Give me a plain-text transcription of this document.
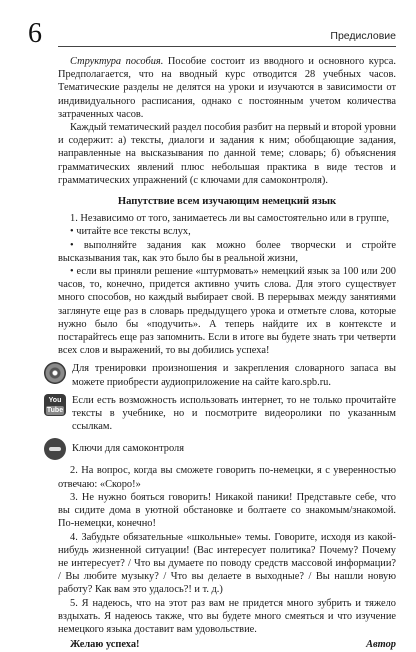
6	Предисловие

Структура пособия. Пособие состоит из вводного и основного курса. Предполагается, что на вводный курс отводится 28 учебных часов. Тематические разделы не делятся на уроки и изучаются в зависимости от индивидуального расписания, однако с постоянным учетом количества затраченных часов.

Каждый тематический раздел пособия разбит на первый и второй уровни и содержит: а) тексты, диалоги и задания к ним; обобщающие задания, направленные на высказывания по данной теме; словарь; б) объяснения грамматических явлений плюс небольшая практика в виде тестов и грамматических упражнений (с ключами для самоконтроля).

Напутствие всем изучающим немецкий язык

1. Независимо от того, занимаетесь ли вы самостоятельно или в группе,

• читайте все тексты вслух,

• выполняйте задания как можно более творчески и стройте высказывания так, как это было бы в реальной жизни,

• если вы приняли решение «штурмовать» немецкий язык за 100 или 200 часов, то, конечно, придется активно учить слова. Для этого существует много способов, но каждый выбирает свой. В перерывах между занятиями заглянуте еще раз в словарь предыдущего урока и отметьте слова, которые нужно было бы «подучить». А теперь найдите их в контексте и постарайтесь еще раз запомнить. Если в итоге вы будете знать три четверти всех слов и выражений, то вы добились успеха!

Для тренировки произношения и закрепления словарного запаса вы можете приобрести аудиоприложение на сайте karo.spb.ru.

You
Tube

Если есть возможность использовать интернет, то не только прочитайте тексты в учебнике, но и посмотрите видеоролики по указанным ссылкам.

Ключи для самоконтроля

2. На вопрос, когда вы сможете говорить по-немецки, я с уверенностью отвечаю: «Скоро!»

3. Не нужно бояться говорить! Никакой паники! Представьте себе, что вы сидите дома в уютной обстановке и болтаете со знакомым/знакомой. По-немецки, конечно!

4. Забудьте обязательные «школьные» темы. Говорите, исходя из какой-нибудь жизненной ситуации! (Вас интересует политика? Почему? Почему не интересует? / Что вы думаете по поводу средств массовой информации? / Вы любите музыку? / Что вы делаете в выходные? / Вы нашли новую работу? Как вам это удалось?! и т. д.)

5. Я надеюсь, что на этот раз вам не придется много зубрить и тяжело вздыхать. Я надеюсь также, что вы будете много смеяться и что изучение немецкого языка доставит вам удовольствие.

Желаю успеха!	Автор
